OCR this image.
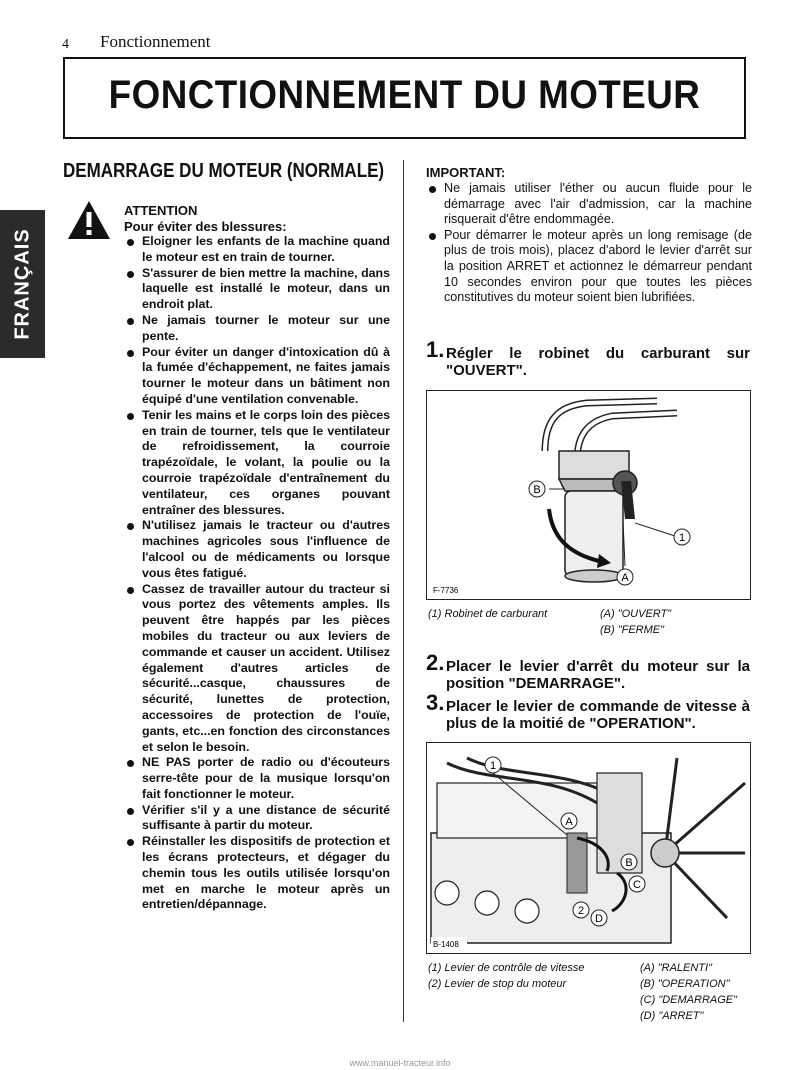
4 Fonctionnement
FONCTIONNEMENT DU MOTEUR
FRANÇAIS
DEMARRAGE DU MOTEUR (NORMALE)
ATTENTION
Pour éviter des blessures:
Eloigner les enfants de la machine quand le moteur est en train de tourner.
S'assurer de bien mettre la machine, dans laquelle est installé le moteur, dans un endroit plat.
Ne jamais tourner le moteur sur une pente.
Pour éviter un danger d'intoxication dû à la fumée d'échappement, ne faites jamais tourner le moteur dans un bâtiment non équipé d'une ventilation convenable.
Tenir les mains et le corps loin des pièces en train de tourner, tels que le ventilateur de refroidissement, la courroie trapézoïdale, le volant, la poulie ou la courroie trapézoïdale d'entraînement du ventilateur, ces organes pouvant entraîner des blessures.
N'utilisez jamais le tracteur ou d'autres machines agricoles sous l'influence de l'alcool ou de médicaments ou lorsque vous êtes fatigué.
Cassez de travailler autour du tracteur si vous portez des vêtements amples. Ils peuvent être happés par les pièces mobiles du tracteur ou aux leviers de commande et causer un accident. Utilisez également d'autres articles de sécurité...casque, chaussures de sécurité, lunettes de protection, accessoires de protection de l'ouïe, gants, etc...en fonction des circonstances et selon le besoin.
NE PAS porter de radio ou d'écouteurs serre-tête pour de la musique lorsqu'on fait fonctionner le moteur.
Vérifier s'il y a une distance de sécurité suffisante à partir du moteur.
Réinstaller les dispositifs de protection et les écrans protecteurs, et dégager du chemin tous les outils utilisée lorsqu'on met en marche le moteur après un entretien/dépannage.
IMPORTANT:
Ne jamais utiliser l'éther ou aucun fluide pour le démarrage avec l'air d'admission, car la machine risquerait d'être endommagée.
Pour démarrer le moteur après un long remisage (de plus de trois mois), placez d'abord le levier d'arrêt sur la position ARRET et actionnez le démarreur pendant 10 secondes environ pour que toutes les pièces constitutives du moteur soient bien lubrifiées.
1. Régler le robinet du carburant sur "OUVERT".
B
1
A
F-7736
(1) Robinet de carburant	(A) "OUVERT"
(B) "FERME"
2. Placer le levier d'arrêt du moteur sur la position "DEMARRAGE".
3. Placer le levier de commande de vitesse à plus de la moitié de "OPERATION".
1
A
B
C
2
D
B-1408
(1) Levier de contrôle de vitesse
(2) Levier de stop du moteur
(A) "RALENTI"
(B) "OPERATION"
(C) "DEMARRAGE"
(D) "ARRET"
www.manuel-tracteur.info
